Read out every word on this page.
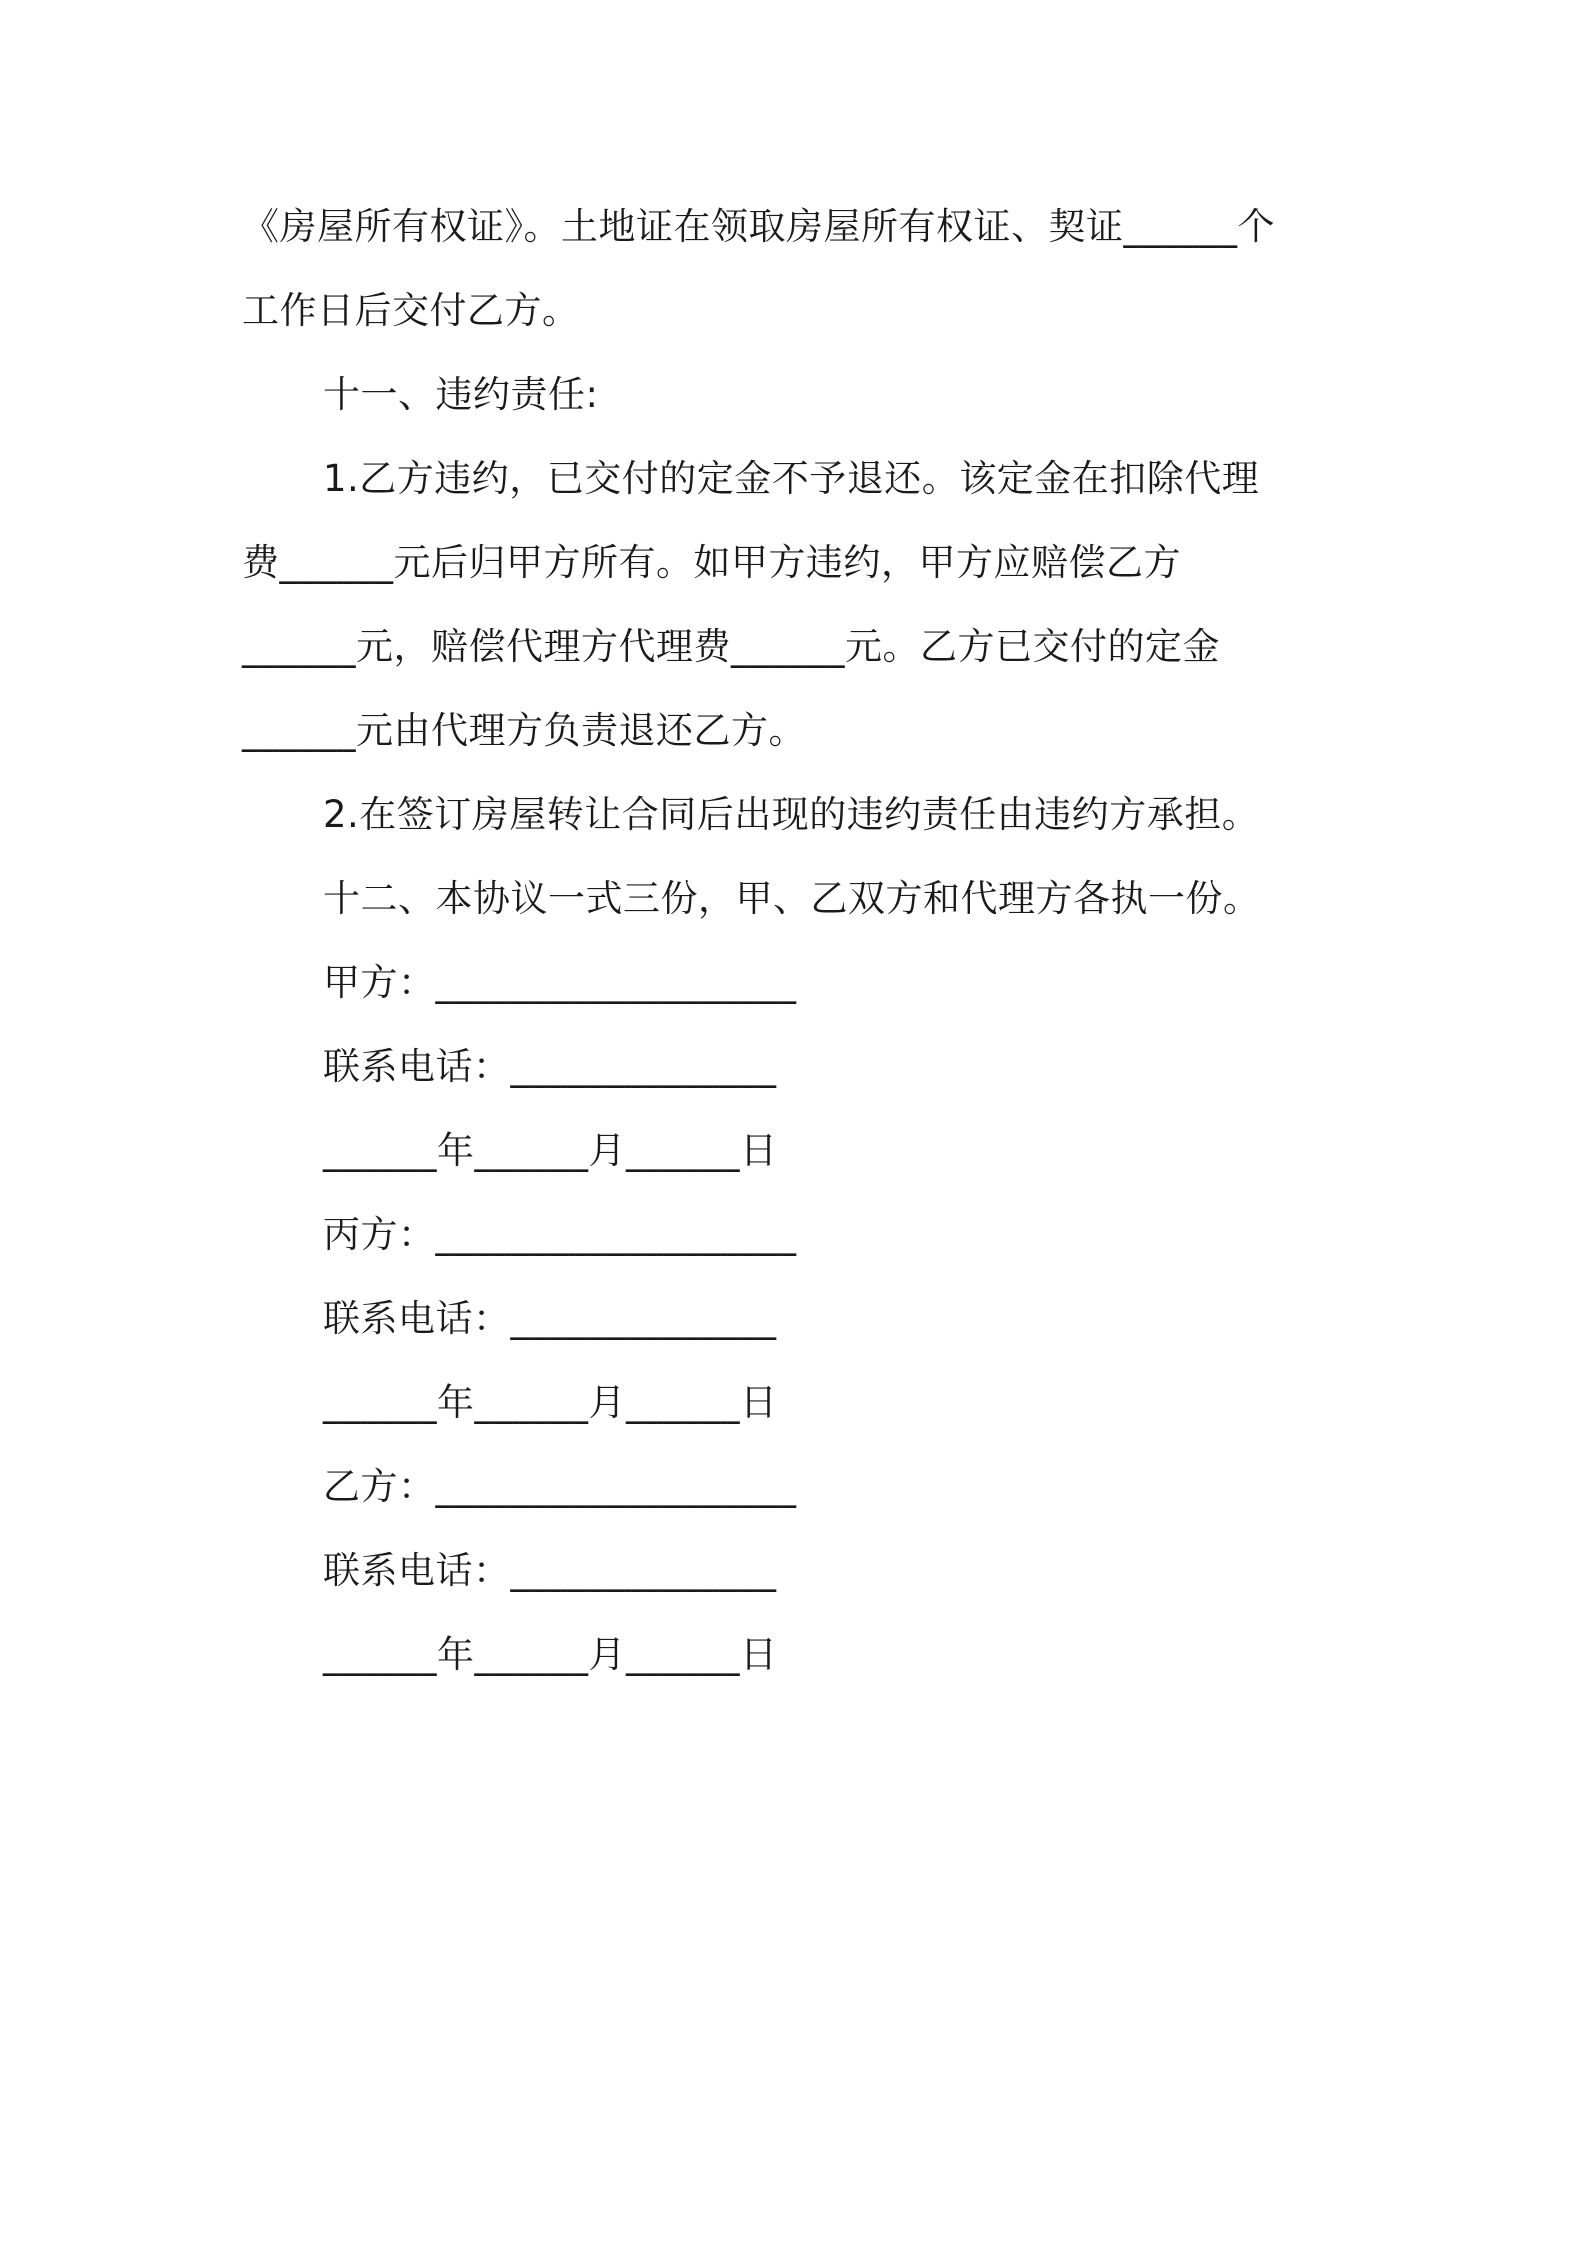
《房屋所有权证》。土地证在领取房屋所有权证、契证______个
工作日后交付乙方。
十一、违约责任:
1.乙方违约，已交付的定金不予退还。该定金在扣除代理
费______元后归甲方所有。如甲方违约，甲方应赔偿乙方
______元，赔偿代理方代理费______元。乙方已交付的定金
______元由代理方负责退还乙方。
2.在签订房屋转让合同后出现的违约责任由违约方承担。
十二、本协议一式三份，甲、乙双方和代理方各执一份。
甲方：___________________
联系电话：______________
______年______月______日
丙方：___________________
联系电话：______________
______年______月______日
乙方：___________________
联系电话：______________
______年______月______日
